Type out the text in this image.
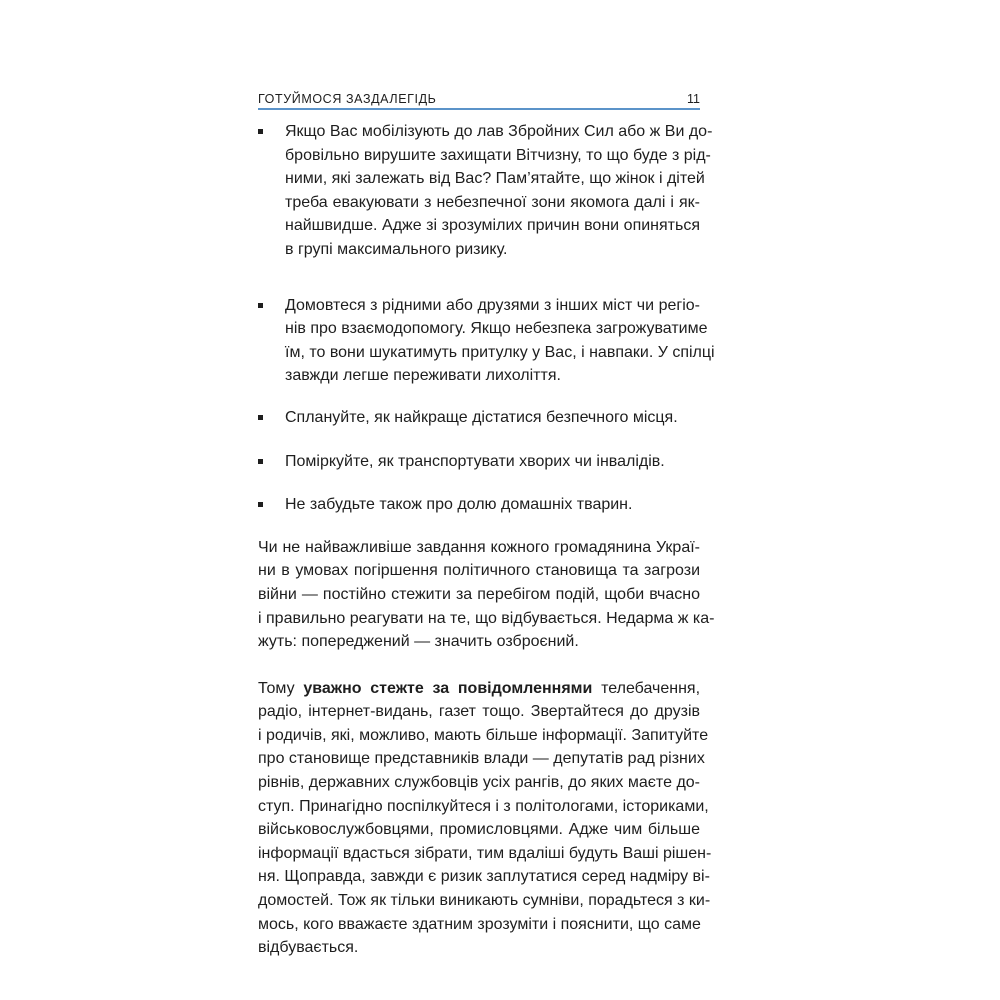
ГОТУЙМОСЯ ЗАЗДАЛЕГІДЬ	11
Якщо Вас мобілізують до лав Збройних Сил або ж Ви до-
бровільно вирушите захищати Вітчизну, то що буде з рід-
ними, які залежать від Вас? Пам’ятайте, що жінок і дітей
треба евакуювати з небезпечної зони якомога далі і як-
найшвидше. Адже зі зрозумілих причин вони опиняться
в групі максимального ризику.
Домовтеся з рідними або друзями з інших міст чи регіо-
нів про взаємодопомогу. Якщо небезпека загрожуватиме
їм, то вони шукатимуть притулку у Вас, і навпаки. У спілці
завжди легше переживати лихоліття.
Сплануйте, як найкраще дістатися безпечного місця.
Поміркуйте, як транспортувати хворих чи інвалідів.
Не забудьте також про долю домашніх тварин.

Чи не найважливіше завдання кожного громадянина Украї-
ни в умовах погіршення політичного становища та загрози
війни — постійно стежити за перебігом подій, щоби вчасно
і правильно реагувати на те, що відбувається. Недарма ж ка-
жуть: попереджений — значить озброєний.

Тому уважно стежте за повідомленнями телебачення,
радіо, інтернет-видань, газет тощо. Звертайтеся до друзів
і родичів, які, можливо, мають більше інформації. Запитуйте
про становище представників влади — депутатів рад різних
рівнів, державних службовців усіх рангів, до яких маєте до-
ступ. Принагідно поспілкуйтеся і з політологами, істориками,
військовослужбовцями, промисловцями. Адже чим більше
інформації вдасться зібрати, тим вдаліші будуть Ваші рішен-
ня. Щоправда, завжди є ризик заплутатися серед надміру ві-
домостей. Тож як тільки виникають сумніви, порадьтеся з ки-
мось, кого вважаєте здатним зрозуміти і пояснити, що саме
відбувається.
